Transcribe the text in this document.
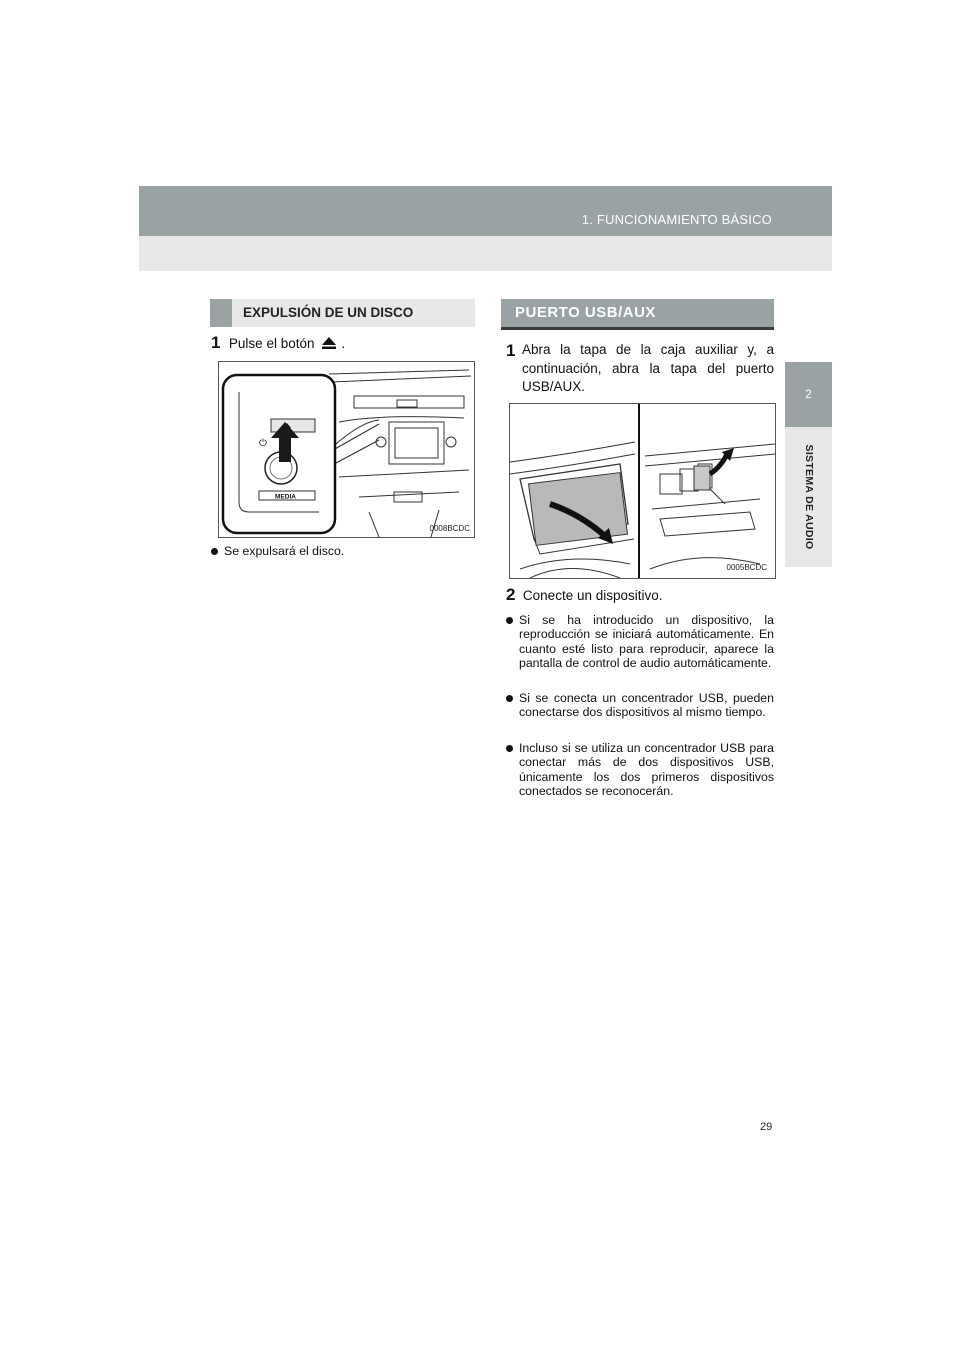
1. FUNCIONAMIENTO BÁSICO
2
SISTEMA DE AUDIO
EXPULSIÓN DE UN DISCO
1 Pulse el botón .
⏻
MEDIA
0008BCDC
Se expulsará el disco.
PUERTO USB/AUX
1 Abra la tapa de la caja auxiliar y, a continuación, abra la tapa del puerto USB/AUX.
0005BCDC
2 Conecte un dispositivo.
Si se ha introducido un dispositivo, la reproducción se iniciará automáticamente. En cuanto esté listo para reproducir, aparece la pantalla de control de audio automáticamente.
Si se conecta un concentrador USB, pueden conectarse dos dispositivos al mismo tiempo.
Incluso si se utiliza un concentrador USB para conectar más de dos dispositivos USB, únicamente los dos primeros dispositivos conectados se reconocerán.
29
